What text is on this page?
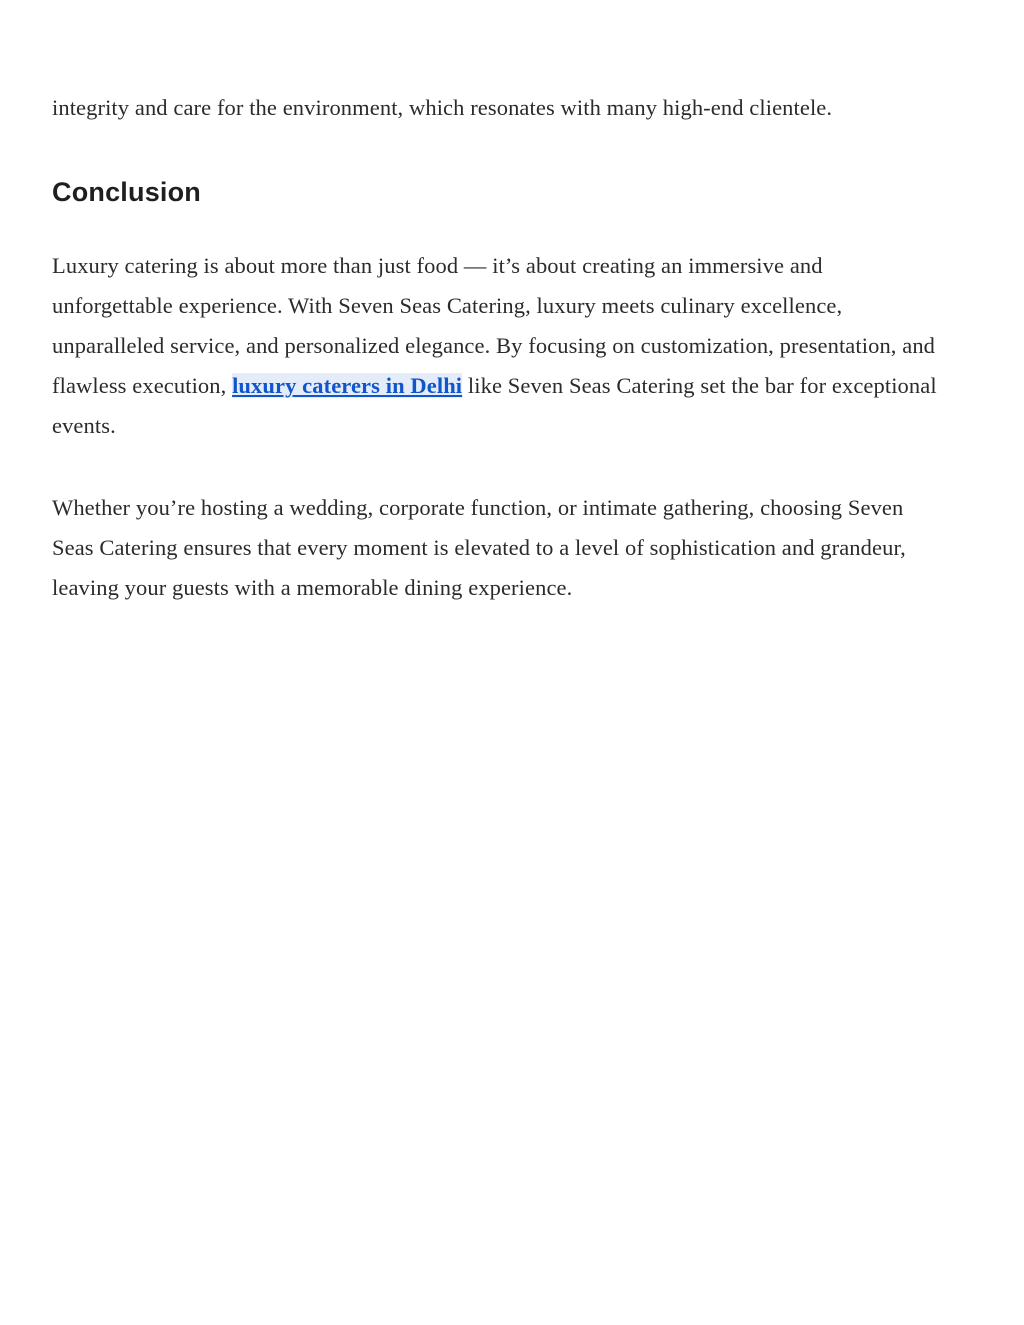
integrity and care for the environment, which resonates with many high-end clientele.

Conclusion

Luxury catering is about more than just food — it’s about creating an immersive and unforgettable experience. With Seven Seas Catering, luxury meets culinary excellence, unparalleled service, and personalized elegance. By focusing on customization, presentation, and flawless execution, luxury caterers in Delhi like Seven Seas Catering set the bar for exceptional events.

Whether you’re hosting a wedding, corporate function, or intimate gathering, choosing Seven Seas Catering ensures that every moment is elevated to a level of sophistication and grandeur, leaving your guests with a memorable dining experience.
